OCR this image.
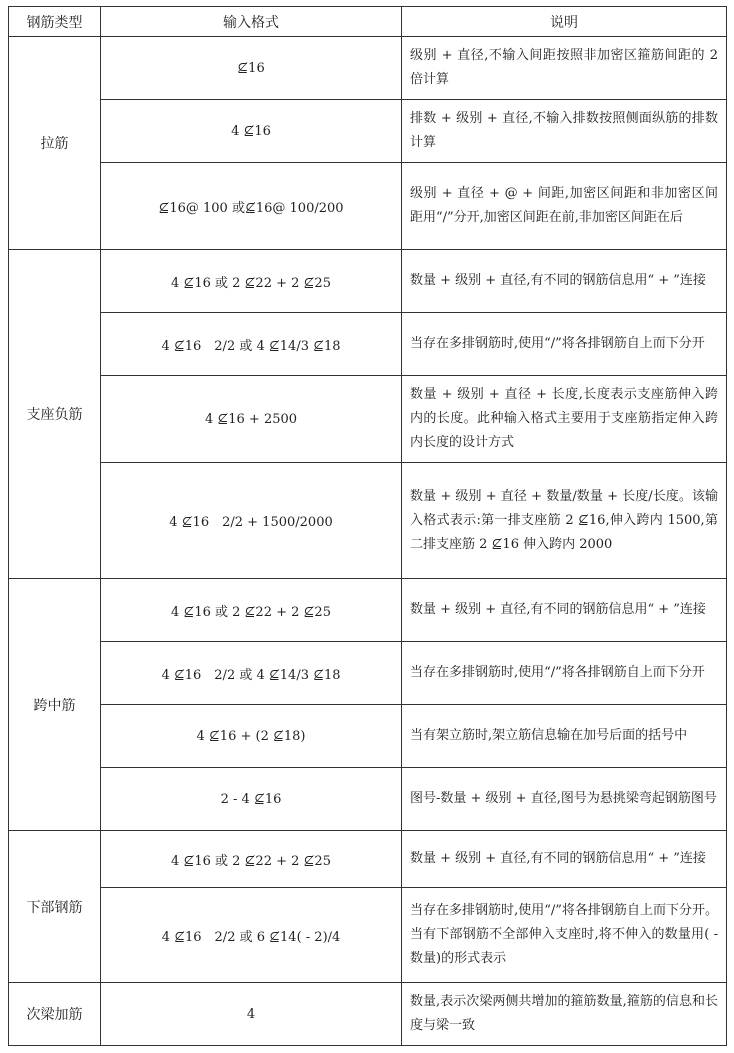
钢筋类型	输入格式	说明
拉筋	⊈16	级别 + 直径,不输入间距按照非加密区箍筋间距的 2 倍计算
	4 ⊈16	排数 + 级别 + 直径,不输入排数按照侧面纵筋的排数计算
	⊈16@ 100 或⊈16@ 100/200	级别 + 直径 + @ + 间距,加密区间距和非加密区间距用“/”分开,加密区间距在前,非加密区间距在后
支座负筋	4 ⊈16 或 2 ⊈22 + 2 ⊈25	数量 + 级别 + 直径,有不同的钢筋信息用“ + ”连接
	4 ⊈16　2/2 或 4 ⊈14/3 ⊈18	当存在多排钢筋时,使用“/”将各排钢筋自上而下分开
	4 ⊈16 + 2500	数量 + 级别 + 直径 + 长度,长度表示支座筋伸入跨内的长度。此种输入格式主要用于支座筋指定伸入跨内长度的设计方式
	4 ⊈16　2/2 + 1500/2000	数量 + 级别 + 直径 + 数量/数量 + 长度/长度。该输入格式表示:第一排支座筋 2 ⊈16,伸入跨内 1500,第二排支座筋 2 ⊈16 伸入跨内 2000
跨中筋	4 ⊈16 或 2 ⊈22 + 2 ⊈25	数量 + 级别 + 直径,有不同的钢筋信息用“ + ”连接
	4 ⊈16　2/2 或 4 ⊈14/3 ⊈18	当存在多排钢筋时,使用“/”将各排钢筋自上而下分开
	4 ⊈16 + (2 ⊈18)	当有架立筋时,架立筋信息输在加号后面的括号中
	2 - 4 ⊈16	图号-数量 + 级别 + 直径,图号为悬挑梁弯起钢筋图号
下部钢筋	4 ⊈16 或 2 ⊈22 + 2 ⊈25	数量 + 级别 + 直径,有不同的钢筋信息用“ + ”连接
	4 ⊈16　2/2 或 6 ⊈14( - 2)/4	当存在多排钢筋时,使用“/”将各排钢筋自上而下分开。当有下部钢筋不全部伸入支座时,将不伸入的数量用( - 数量)的形式表示
次梁加筋	4	数量,表示次梁两侧共增加的箍筋数量,箍筋的信息和长度与梁一致
